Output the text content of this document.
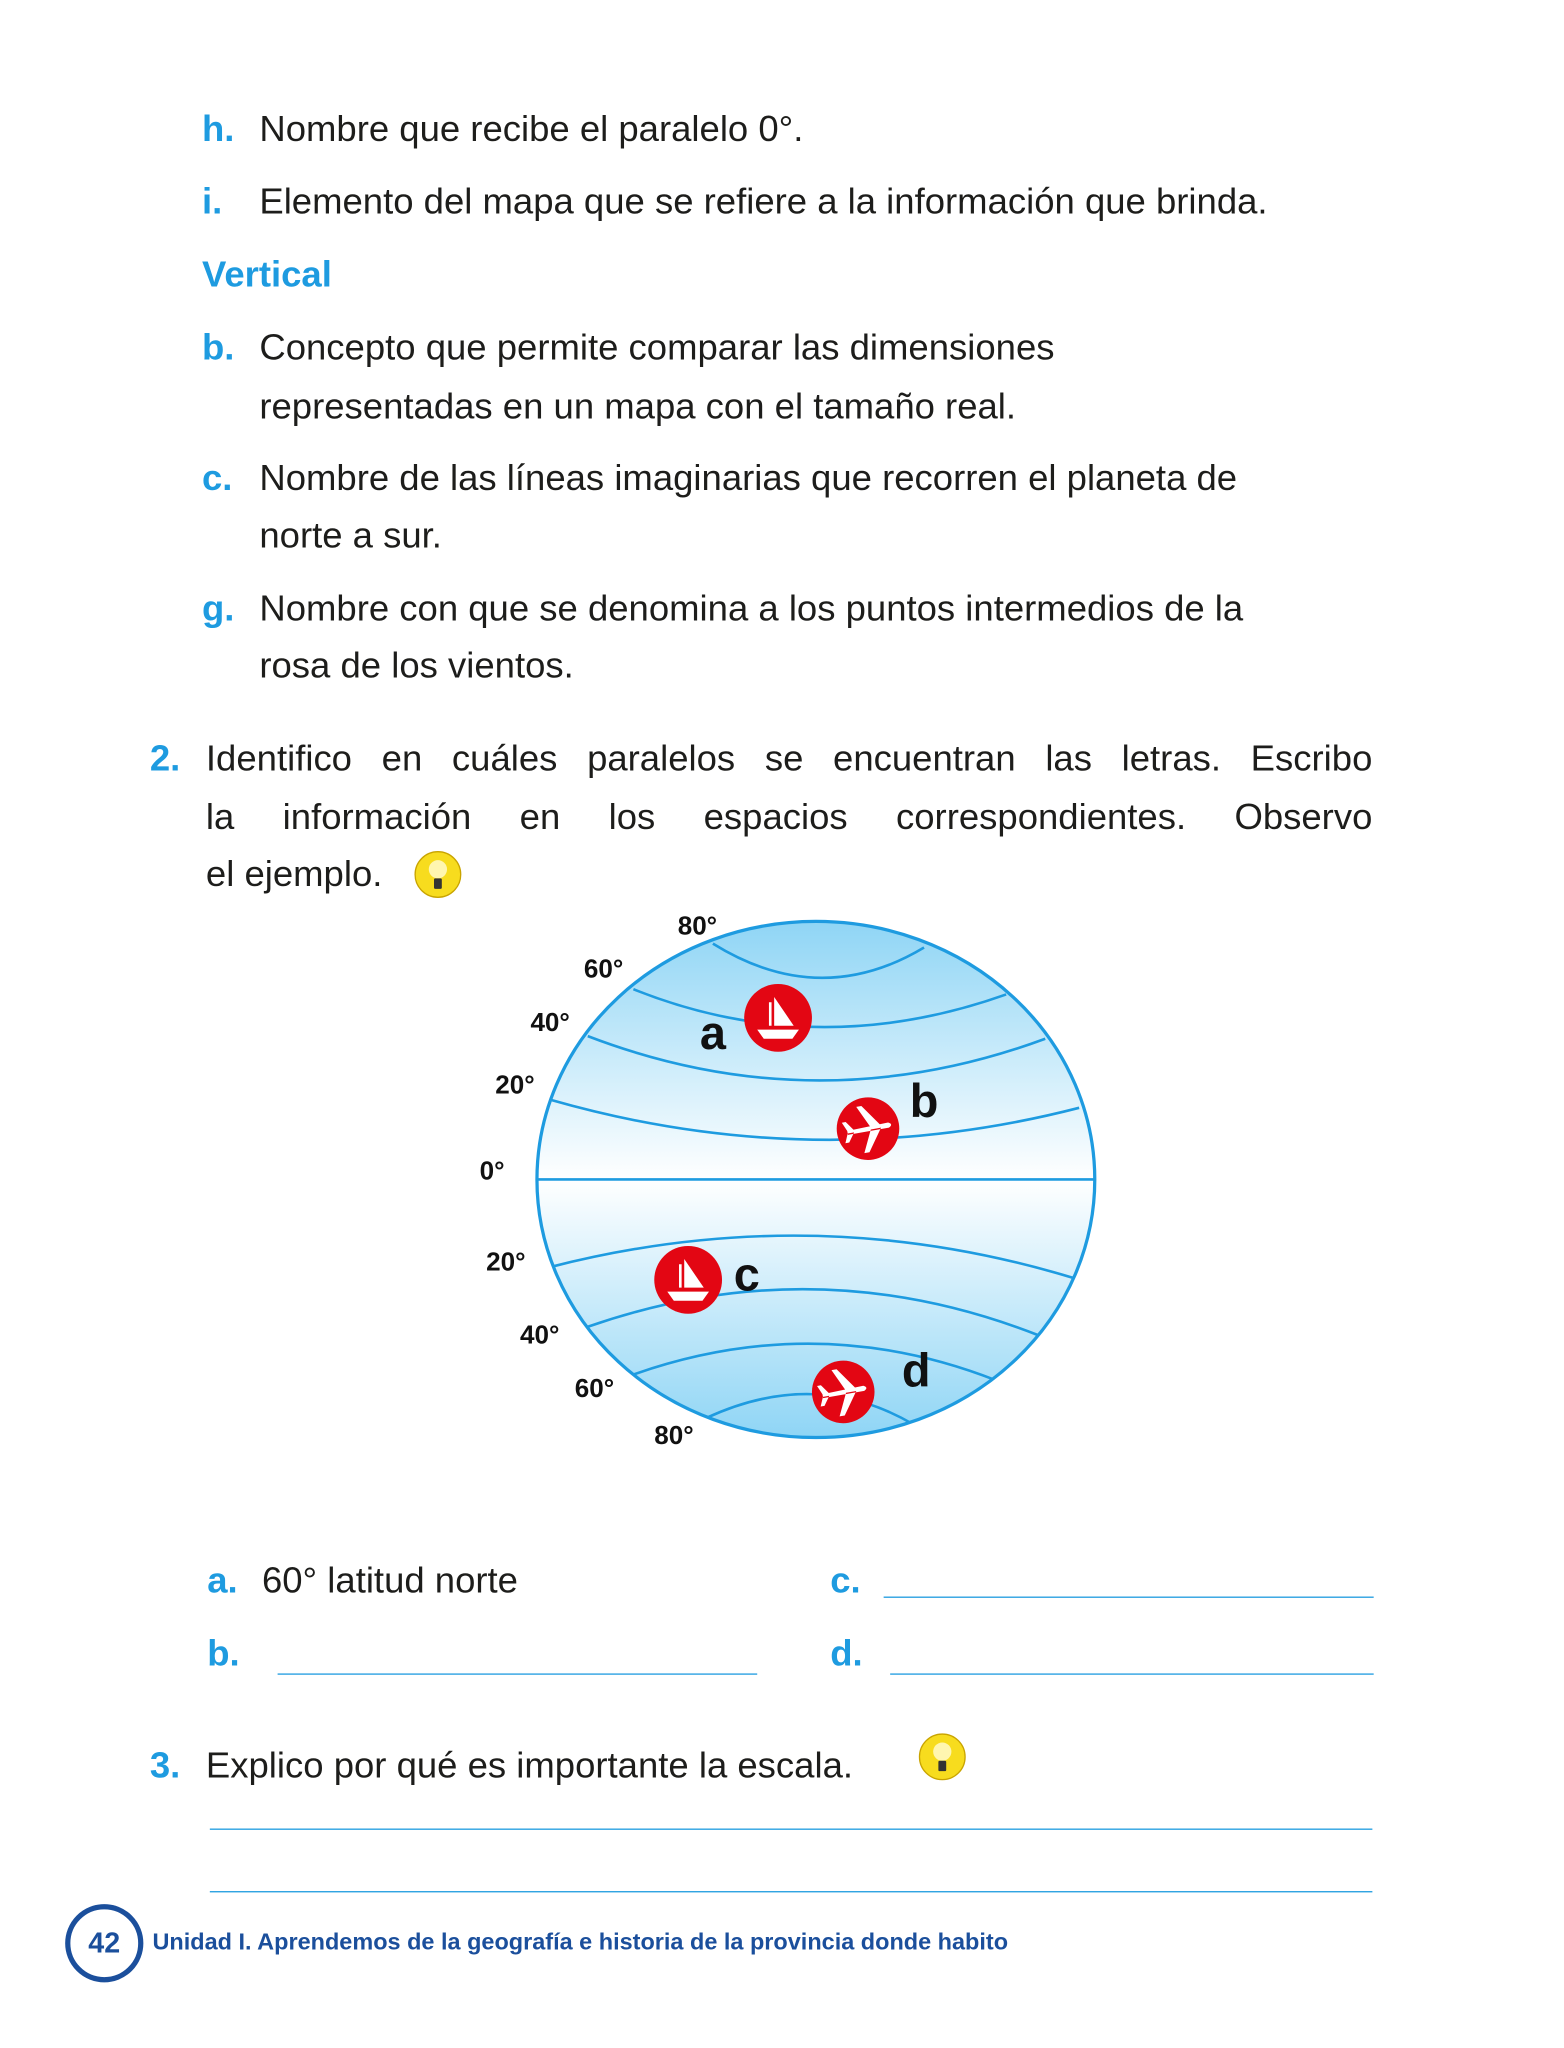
h. Nombre que recibe el paralelo 0°.
i. Elemento del mapa que se refiere a la información que brinda.
Vertical
b. Concepto que permite comparar las dimensiones
representadas en un mapa con el tamaño real.
c. Nombre de las líneas imaginarias que recorren el planeta de
norte a sur.
g. Nombre con que se denomina a los puntos intermedios de la
rosa de los vientos.
2. Identifico en cuáles paralelos se encuentran las letras. Escribo
la información en los espacios correspondientes. Observo
el ejemplo.
80°
60°
40°
20°
0°
20°
40°
60°
80°
a
b
c
d
a. 60° latitud norte	c.
b.	d.
3. Explico por qué es importante la escala.
42	Unidad I. Aprendemos de la geografía e historia de la provincia donde habito
